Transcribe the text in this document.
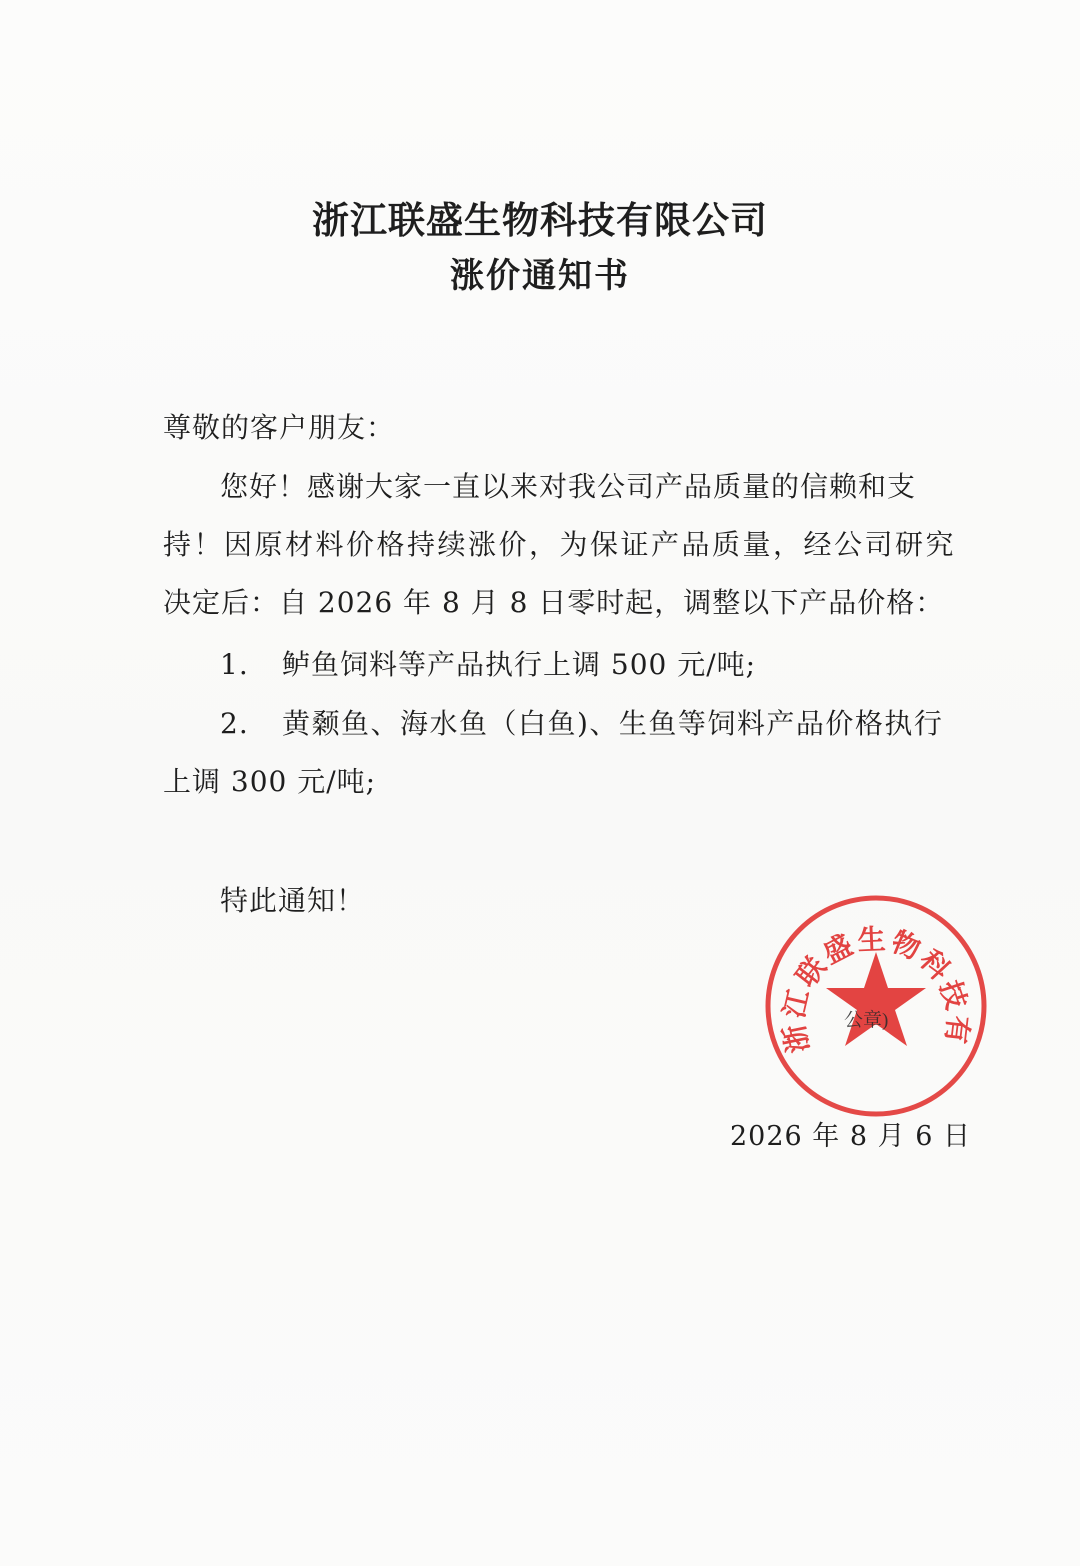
浙江联盛生物科技有限公司
涨价通知书
尊敬的客户朋友：
您好！感谢大家一直以来对我公司产品质量的信赖和支
持！因原材料价格持续涨价，为保证产品质量，经公司研究
决定后：自 2026 年 8 月 8 日零时起，调整以下产品价格：
1. 鲈鱼饲料等产品执行上调 500 元/吨;
2. 黄颡鱼、海水鱼（白鱼)、生鱼等饲料产品价格执行
上调 300 元/吨;
特此通知！
浙江联盛生物科技有
公章)
2026 年 8 月 6 日
